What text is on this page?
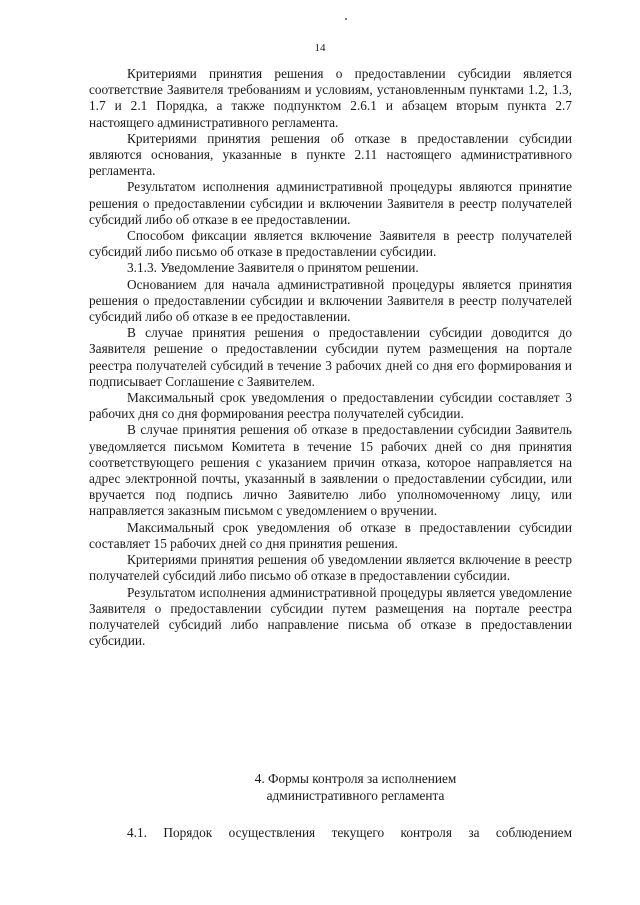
14

Критериями принятия решения о предоставлении субсидии является соответствие Заявителя требованиям и условиям, установленным пунктами 1.2, 1.3, 1.7 и 2.1 Порядка, а также подпунктом 2.6.1 и абзацем вторым пункта 2.7 настоящего административного регламента.

Критериями принятия решения об отказе в предоставлении субсидии являются основания, указанные в пункте 2.11 настоящего административного регламента.

Результатом исполнения административной процедуры являются принятие решения о предоставлении субсидии и включении Заявителя в реестр получателей субсидий либо об отказе в ее предоставлении.

Способом фиксации является включение Заявителя в реестр получателей субсидий либо письмо об отказе в предоставлении субсидии.

3.1.3. Уведомление Заявителя о принятом решении.

Основанием для начала административной процедуры является принятия решения о предоставлении субсидии и включении Заявителя в реестр получателей субсидий либо об отказе в ее предоставлении.

В случае принятия решения о предоставлении субсидии доводится до Заявителя решение о предоставлении субсидии путем размещения на портале реестра получателей субсидий в течение 3 рабочих дней со дня его формирования и подписывает Соглашение с Заявителем.

Максимальный срок уведомления о предоставлении субсидии составляет 3 рабочих дня со дня формирования реестра получателей субсидии.

В случае принятия решения об отказе в предоставлении субсидии Заявитель уведомляется письмом Комитета в течение 15 рабочих дней со дня принятия соответствующего решения с указанием причин отказа, которое направляется на адрес электронной почты, указанный в заявлении о предоставлении субсидии, или вручается под подпись лично Заявителю либо уполномоченному лицу, или направляется заказным письмом с уведомлением о вручении.

Максимальный срок уведомления об отказе в предоставлении субсидии составляет 15 рабочих дней со дня принятия решения.

Критериями принятия решения об уведомлении является включение в реестр получателей субсидий либо письмо об отказе в предоставлении субсидии.

Результатом исполнения административной процедуры является уведомление Заявителя о предоставлении субсидии путем размещения на портале реестра получателей субсидий либо направление письма об отказе в предоставлении субсидии.

4. Формы контроля за исполнением
административного регламента
4.1. Порядок осуществления текущего контроля за соблюдением
